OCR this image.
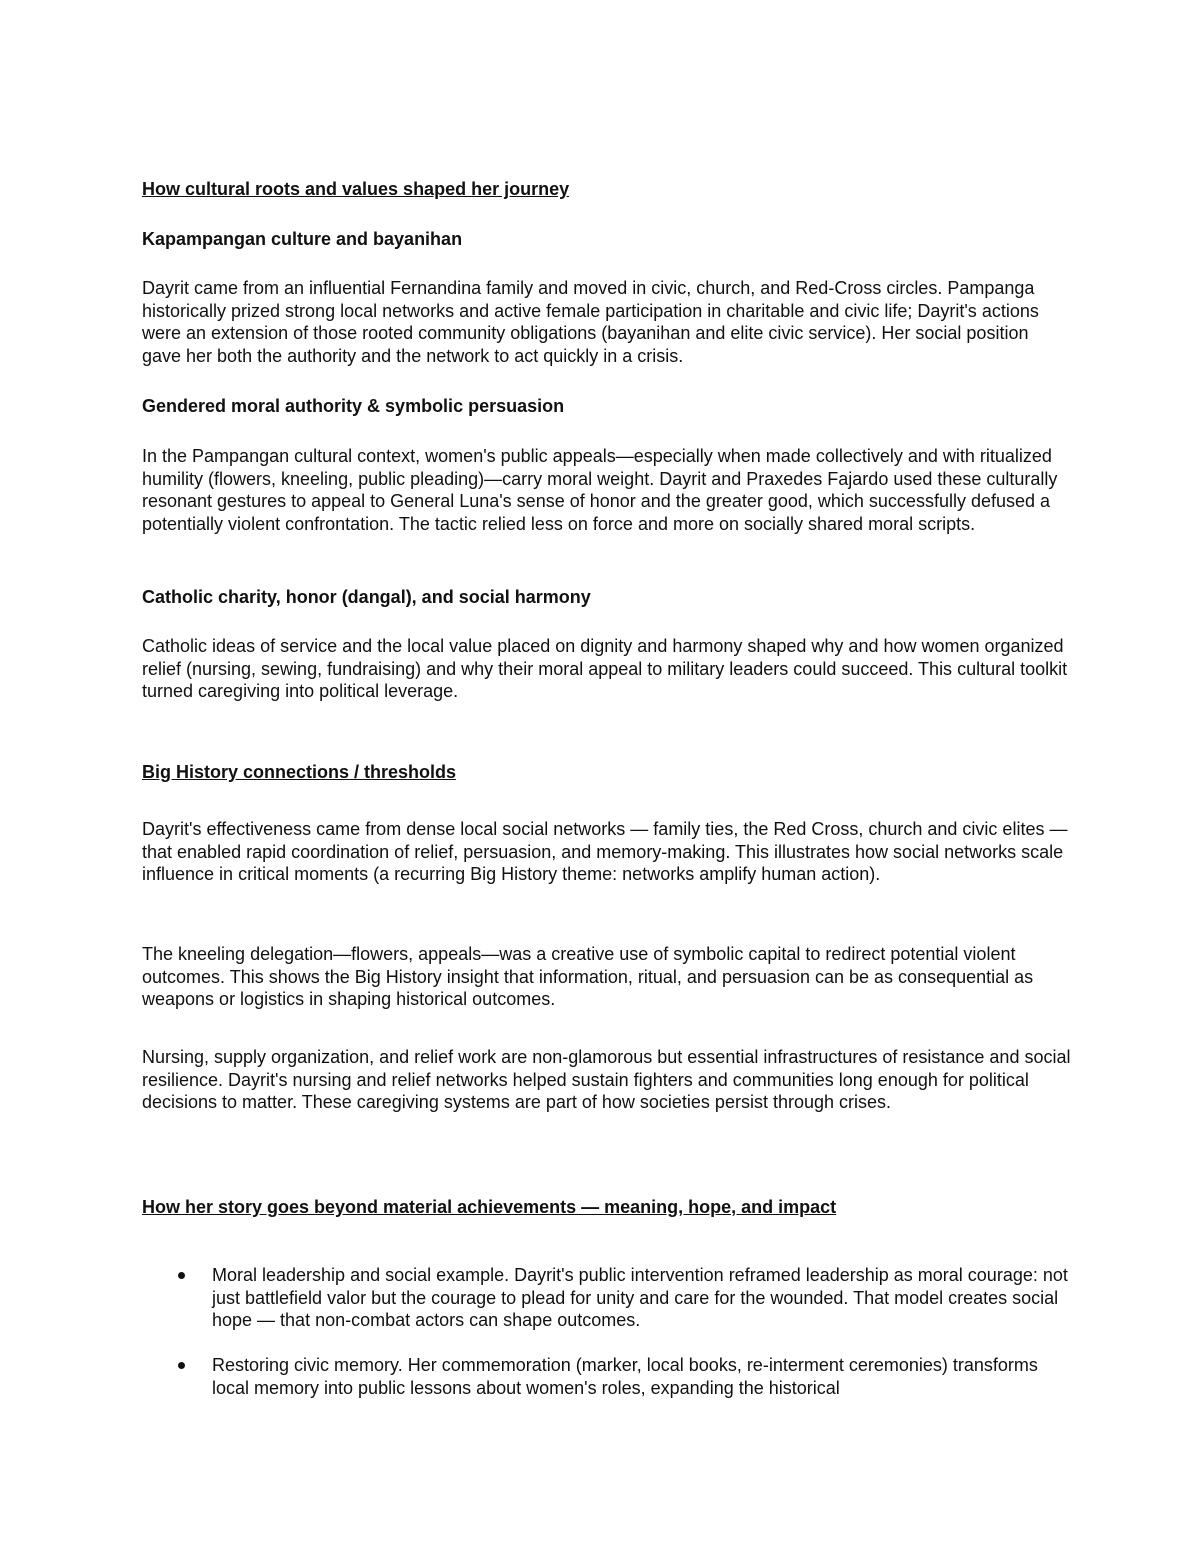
How cultural roots and values shaped her journey
Kapampangan culture and bayanihan

Dayrit came from an influential Fernandina family and moved in civic, church, and Red-Cross circles. Pampanga historically prized strong local networks and active female participation in charitable and civic life; Dayrit's actions were an extension of those rooted community obligations (bayanihan and elite civic service). Her social position gave her both the authority and the network to act quickly in a crisis.

Gendered moral authority & symbolic persuasion

In the Pampangan cultural context, women's public appeals—especially when made collectively and with ritualized humility (flowers, kneeling, public pleading)—carry moral weight. Dayrit and Praxedes Fajardo used these culturally resonant gestures to appeal to General Luna's sense of honor and the greater good, which successfully defused a potentially violent confrontation. The tactic relied less on force and more on socially shared moral scripts.

Catholic charity, honor (dangal), and social harmony

Catholic ideas of service and the local value placed on dignity and harmony shaped why and how women organized relief (nursing, sewing, fundraising) and why their moral appeal to military leaders could succeed. This cultural toolkit turned caregiving into political leverage.

Big History connections / thresholds

Dayrit's effectiveness came from dense local social networks — family ties, the Red Cross, church and civic elites — that enabled rapid coordination of relief, persuasion, and memory-making. This illustrates how social networks scale influence in critical moments (a recurring Big History theme: networks amplify human action).

The kneeling delegation—flowers, appeals—was a creative use of symbolic capital to redirect potential violent outcomes. This shows the Big History insight that information, ritual, and persuasion can be as consequential as weapons or logistics in shaping historical outcomes.

Nursing, supply organization, and relief work are non-glamorous but essential infrastructures of resistance and social resilience. Dayrit's nursing and relief networks helped sustain fighters and communities long enough for political decisions to matter. These caregiving systems are part of how societies persist through crises.

How her story goes beyond material achievements — meaning, hope, and impact

Moral leadership and social example. Dayrit's public intervention reframed leadership as moral courage: not just battlefield valor but the courage to plead for unity and care for the wounded. That model creates social hope — that non-combat actors can shape outcomes.

Restoring civic memory. Her commemoration (marker, local books, re-interment ceremonies) transforms local memory into public lessons about women's roles, expanding the historical
